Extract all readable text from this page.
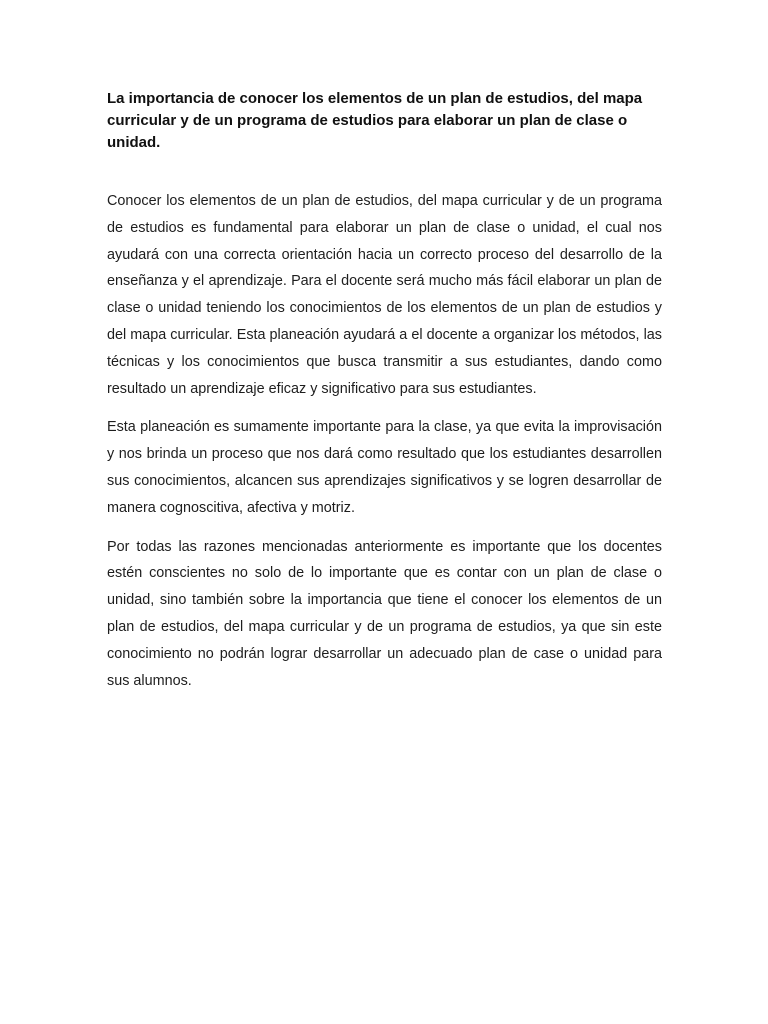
La importancia de conocer los elementos de un plan de estudios, del mapa curricular y de un programa de estudios para elaborar un plan de clase o unidad.

Conocer los elementos de un plan de estudios, del mapa curricular y de un programa de estudios es fundamental para elaborar un plan de clase o unidad, el cual nos ayudará con una correcta orientación hacia un correcto proceso del desarrollo de la enseñanza y el aprendizaje. Para el docente será mucho más fácil elaborar un plan de clase o unidad teniendo los conocimientos de los elementos de un plan de estudios y del mapa curricular. Esta planeación ayudará a el docente a organizar los métodos, las técnicas y los conocimientos que busca transmitir a sus estudiantes, dando como resultado un aprendizaje eficaz y significativo para sus estudiantes.

Esta planeación es sumamente importante para la clase, ya que evita la improvisación y nos brinda un proceso que nos dará como resultado que los estudiantes desarrollen sus conocimientos, alcancen sus aprendizajes significativos y se logren desarrollar de manera cognoscitiva, afectiva y motriz.

Por todas las razones mencionadas anteriormente es importante que los docentes estén conscientes no solo de lo importante que es contar con un plan de clase o unidad, sino también sobre la importancia que tiene el conocer los elementos de un plan de estudios, del mapa curricular y de un programa de estudios, ya que sin este conocimiento no podrán lograr desarrollar un adecuado plan de case o unidad para sus alumnos.
